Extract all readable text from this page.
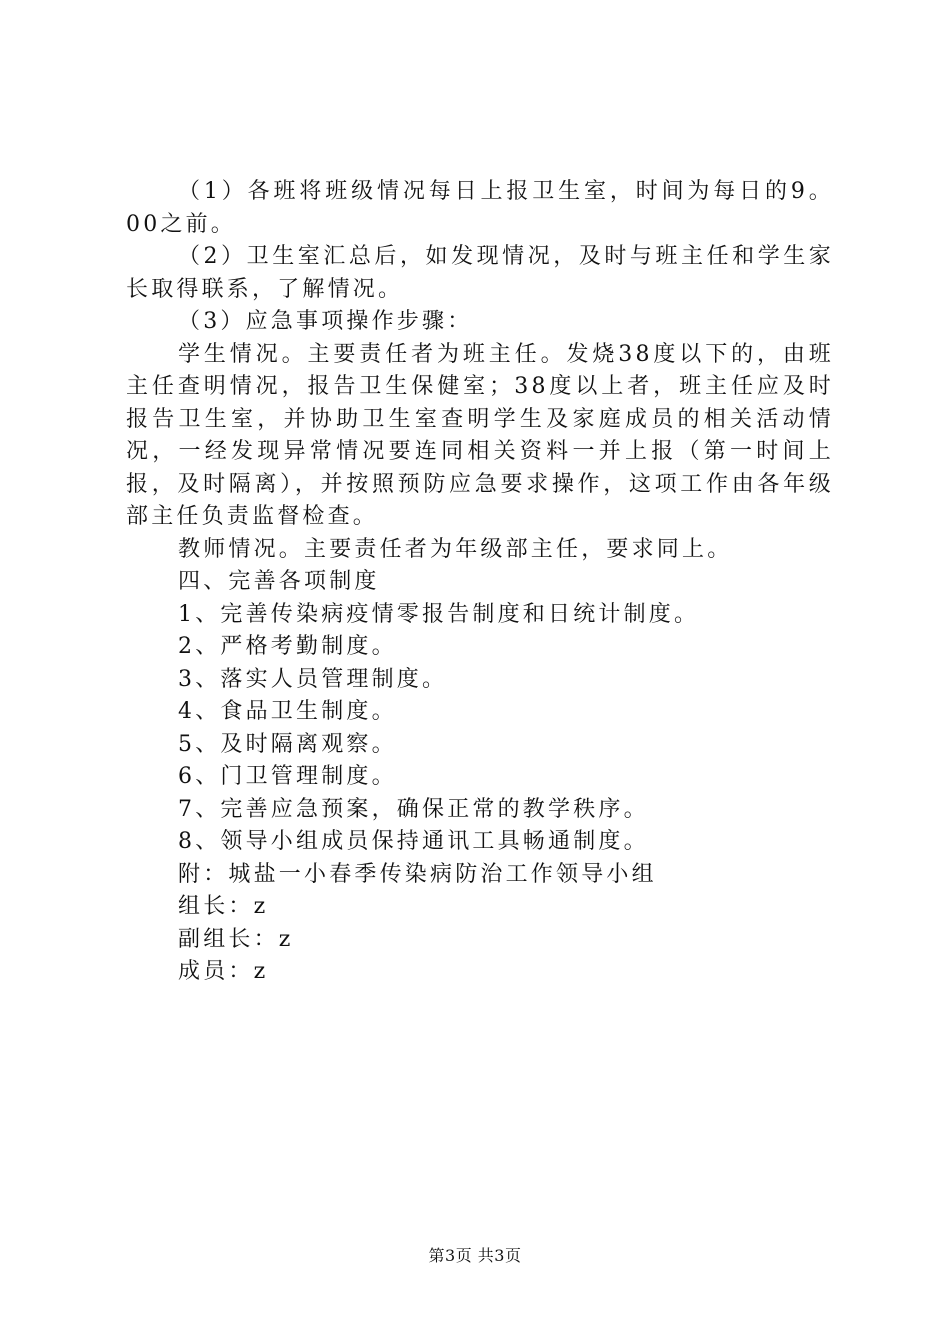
（1）各班将班级情况每日上报卫生室，时间为每日的9。00之前。

（2）卫生室汇总后，如发现情况，及时与班主任和学生家长取得联系，了解情况。

（3）应急事项操作步骤：

学生情况。主要责任者为班主任。发烧38度以下的，由班主任查明情况，报告卫生保健室；38度以上者，班主任应及时报告卫生室，并协助卫生室查明学生及家庭成员的相关活动情况，一经发现异常情况要连同相关资料一并上报（第一时间上报，及时隔离），并按照预防应急要求操作，这项工作由各年级部主任负责监督检查。

教师情况。主要责任者为年级部主任，要求同上。

四、完善各项制度

1、完善传染病疫情零报告制度和日统计制度。

2、严格考勤制度。

3、落实人员管理制度。

4、食品卫生制度。

5、及时隔离观察。

6、门卫管理制度。

7、完善应急预案，确保正常的教学秩序。

8、领导小组成员保持通讯工具畅通制度。

附：城盐一小春季传染病防治工作领导小组

组长：z

副组长：z

成员：z

第3页 共3页
